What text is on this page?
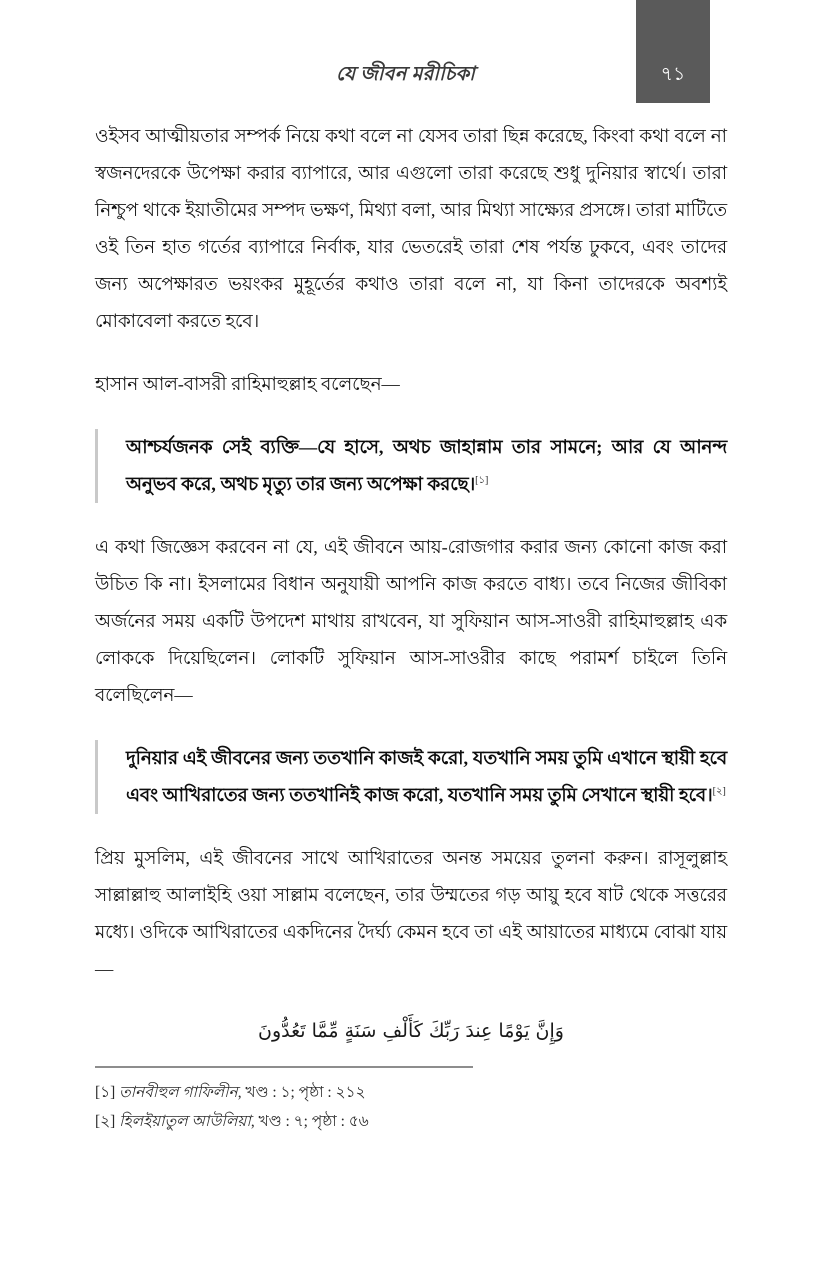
যে জীবন মরীচিকা	৭১

ওইসব আত্মীয়তার সম্পর্ক নিয়ে কথা বলে না যেসব তারা ছিন্ন করেছে, কিংবা কথা বলে না স্বজনদেরকে উপেক্ষা করার ব্যাপারে, আর এগুলো তারা করেছে শুধু দুনিয়ার স্বার্থে। তারা নিশ্চুপ থাকে ইয়াতীমের সম্পদ ভক্ষণ, মিথ্যা বলা, আর মিথ্যা সাক্ষ্যের প্রসঙ্গে। তারা মাটিতে ওই তিন হাত গর্তের ব্যাপারে নির্বাক, যার ভেতরেই তারা শেষ পর্যন্ত ঢুকবে, এবং তাদের জন্য অপেক্ষারত ভয়ংকর মুহূর্তের কথাও তারা বলে না, যা কিনা তাদেরকে অবশ্যই মোকাবেলা করতে হবে।

হাসান আল-বাসরী রাহিমাহুল্লাহ বলেছেন—

আশ্চর্যজনক সেই ব্যক্তি—যে হাসে, অথচ জাহান্নাম তার সামনে; আর যে আনন্দ অনুভব করে, অথচ মৃত্যু তার জন্য অপেক্ষা করছে।[১]

এ কথা জিজ্ঞেস করবেন না যে, এই জীবনে আয়-রোজগার করার জন্য কোনো কাজ করা উচিত কি না। ইসলামের বিধান অনুযায়ী আপনি কাজ করতে বাধ্য। তবে নিজের জীবিকা অর্জনের সময় একটি উপদেশ মাথায় রাখবেন, যা সুফিয়ান আস-সাওরী রাহিমাহুল্লাহ এক লোককে দিয়েছিলেন। লোকটি সুফিয়ান আস-সাওরীর কাছে পরামর্শ চাইলে তিনি বলেছিলেন—

দুনিয়ার এই জীবনের জন্য ততখানি কাজই করো, যতখানি সময় তুমি এখানে স্থায়ী হবে এবং আখিরাতের জন্য ততখানিই কাজ করো, যতখানি সময় তুমি সেখানে স্থায়ী হবে।[২]

প্রিয় মুসলিম, এই জীবনের সাথে আখিরাতের অনন্ত সময়ের তুলনা করুন। রাসূলুল্লাহ সাল্লাল্লাহু আলাইহি ওয়া সাল্লাম বলেছেন, তার উম্মতের গড় আয়ু হবে ষাট থেকে সত্তরের মধ্যে। ওদিকে আখিরাতের একদিনের দৈর্ঘ্য কেমন হবে তা এই আয়াতের মাধ্যমে বোঝা যায়—

وَإِنَّ يَوْمًا عِندَ رَبِّكَ كَأَلْفِ سَنَةٍ مِّمَّا تَعُدُّونَ

[১] তানবীহুল গাফিলীন, খণ্ড : ১; পৃষ্ঠা : ২১২
[২] হিলইয়াতুল আউলিয়া, খণ্ড : ৭; পৃষ্ঠা : ৫৬
